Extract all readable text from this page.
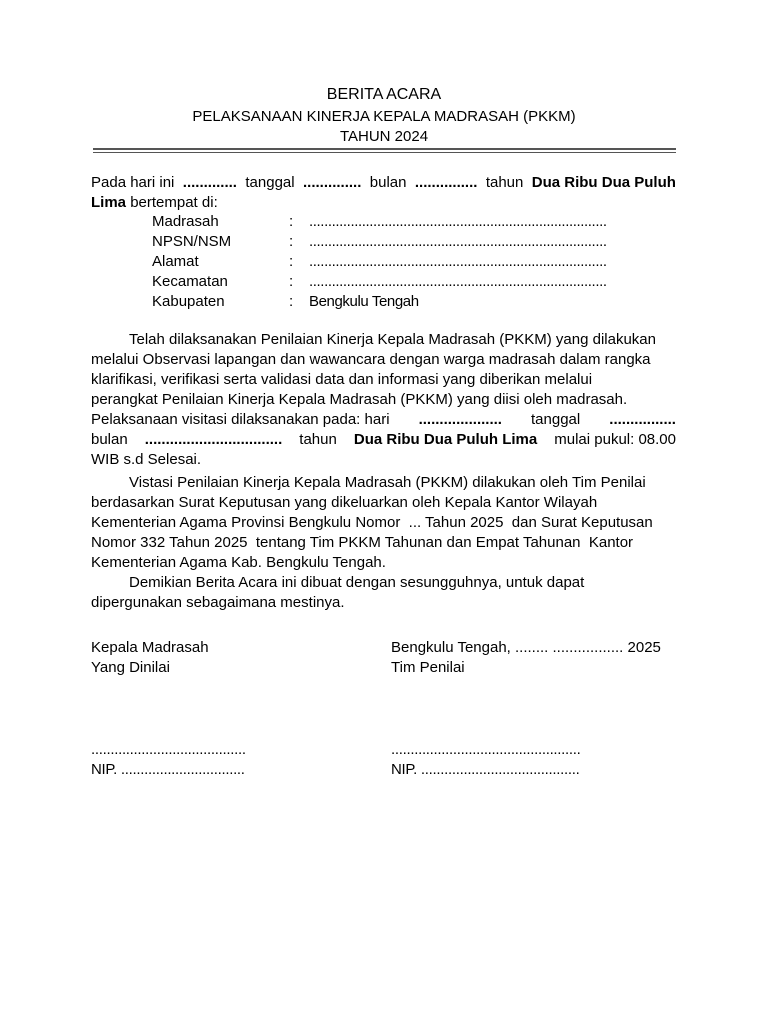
BERITA ACARA
PELAKSANAAN KINERJA KEPALA MADRASAH (PKKM)
TAHUN 2024
Pada hari ini ............. tanggal .............. bulan ............... tahun Dua Ribu Dua Puluh
Lima bertempat di:
Madrasah	: ...............................................................................
NPSN/NSM	: ...............................................................................
Alamat	: ...............................................................................
Kecamatan	: ...............................................................................
Kabupaten	: Bengkulu Tengah
Telah dilaksanakan Penilaian Kinerja Kepala Madrasah (PKKM) yang dilakukan
melalui Observasi lapangan dan wawancara dengan warga madrasah dalam rangka
klarifikasi, verifikasi serta validasi data dan informasi yang diberikan melalui
perangkat Penilaian Kinerja Kepala Madrasah (PKKM) yang diisi oleh madrasah.
Pelaksanaan visitasi dilaksanakan pada: hari .................... tanggal ................
bulan ................................. tahun Dua Ribu Dua Puluh Lima mulai pukul: 08.00
WIB s.d Selesai.
Vistasi Penilaian Kinerja Kepala Madrasah (PKKM) dilakukan oleh Tim Penilai
berdasarkan Surat Keputusan yang dikeluarkan oleh Kepala Kantor Wilayah
Kementerian Agama Provinsi Bengkulu Nomor  ... Tahun 2025  dan Surat Keputusan
Nomor 332 Tahun 2025  tentang Tim PKKM Tahunan dan Empat Tahunan  Kantor
Kementerian Agama Kab. Bengkulu Tengah.
Demikian Berita Acara ini dibuat dengan sesungguhnya, untuk dapat
dipergunakan sebagaimana mestinya.
Kepala Madrasah
Yang Dinilai
Bengkulu Tengah, ........ ................. 2025
Tim Penilai
........................................
NIP. ................................
.................................................
NIP. .........................................
